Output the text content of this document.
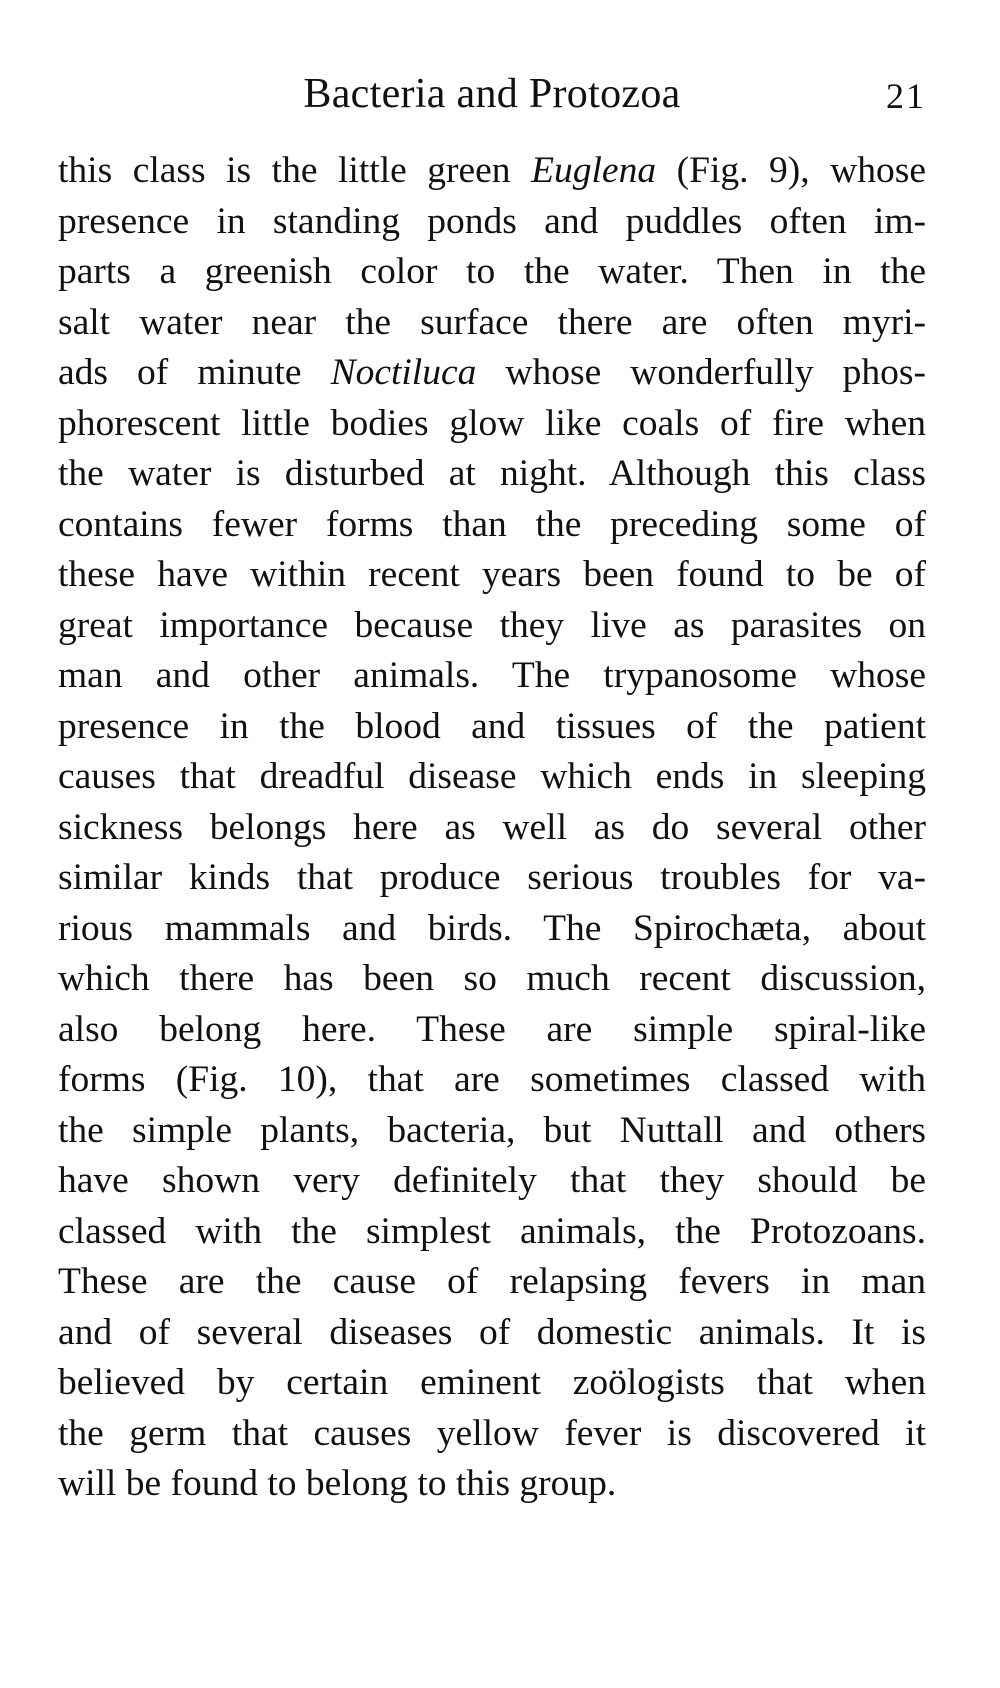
Bacteria and Protozoa	21
this class is the little green Euglena (Fig. 9), whose
presence in standing ponds and puddles often im-
parts a greenish color to the water. Then in the
salt water near the surface there are often myri-
ads of minute Noctiluca whose wonderfully phos-
phorescent little bodies glow like coals of fire when
the water is disturbed at night. Although this class
contains fewer forms than the preceding some of
these have within recent years been found to be of
great importance because they live as parasites on
man and other animals. The trypanosome whose
presence in the blood and tissues of the patient
causes that dreadful disease which ends in sleeping
sickness belongs here as well as do several other
similar kinds that produce serious troubles for va-
rious mammals and birds. The Spirochæta, about
which there has been so much recent discussion,
also belong here. These are simple spiral-like
forms (Fig. 10), that are sometimes classed with
the simple plants, bacteria, but Nuttall and others
have shown very definitely that they should be
classed with the simplest animals, the Protozoans.
These are the cause of relapsing fevers in man
and of several diseases of domestic animals. It is
believed by certain eminent zoölogists that when
the germ that causes yellow fever is discovered it
will be found to belong to this group.
